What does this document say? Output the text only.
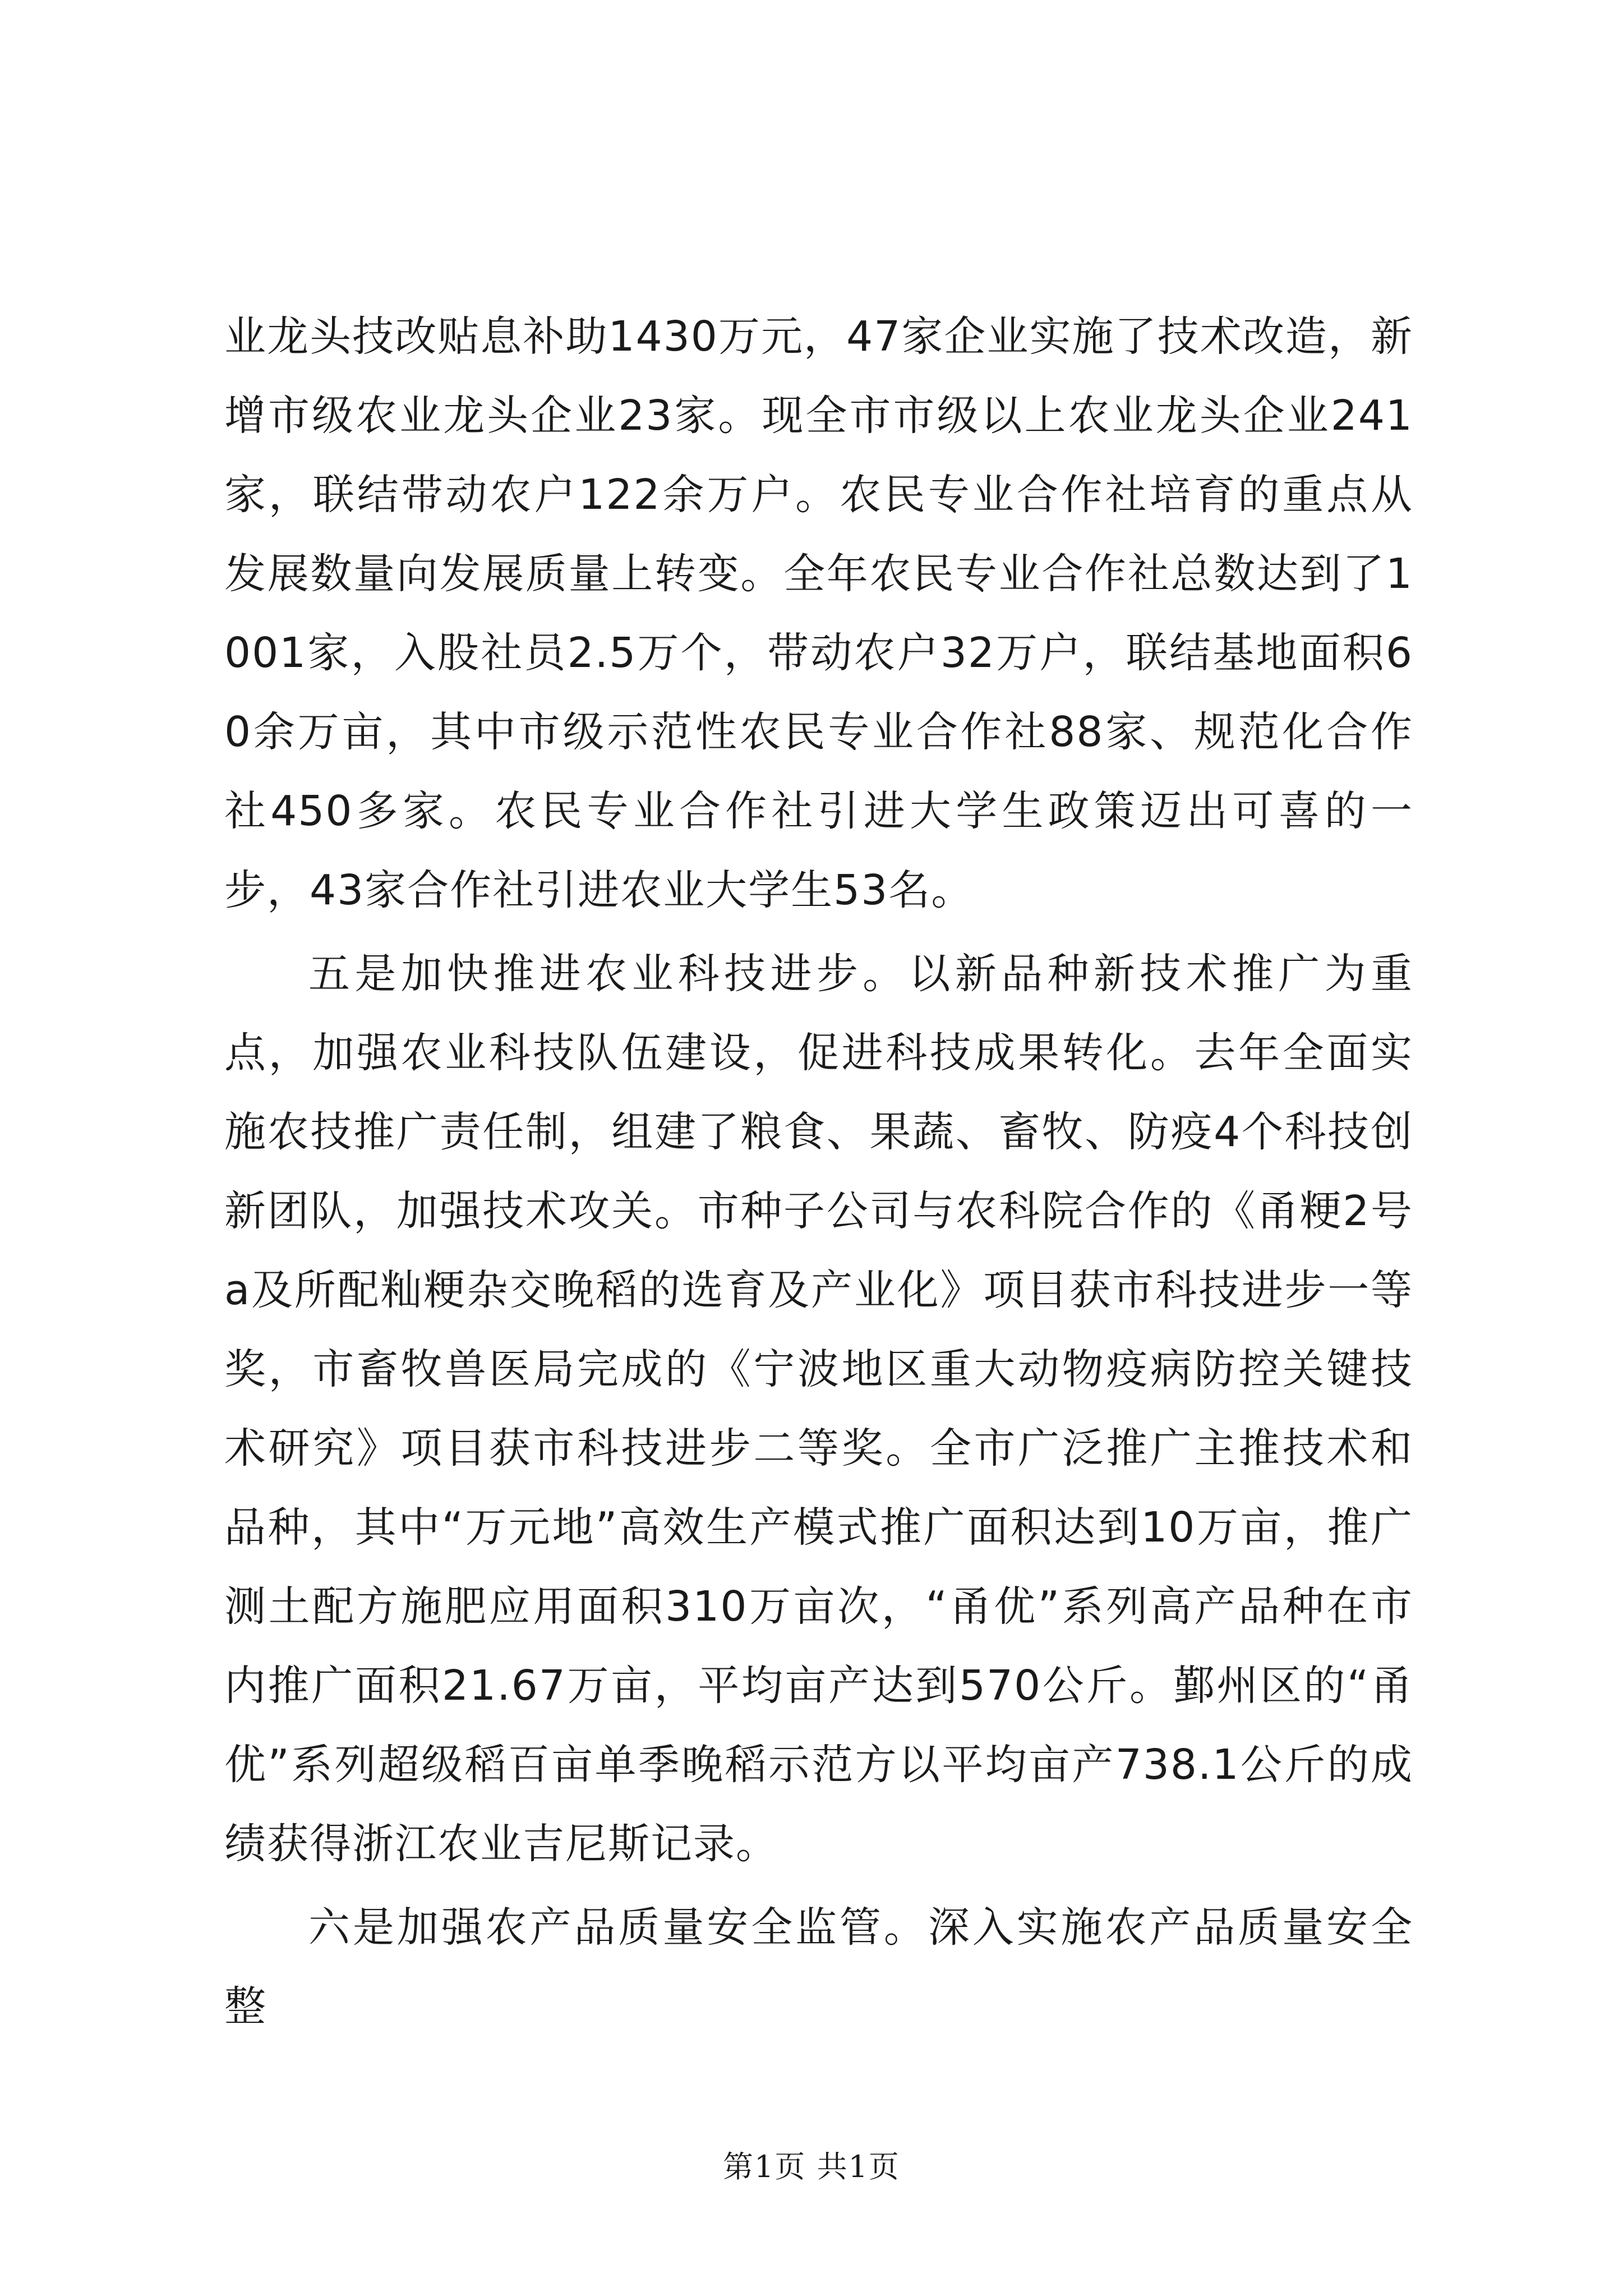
业龙头技改贴息补助1430万元，47家企业实施了技术改造，新增市级农业龙头企业23家。现全市市级以上农业龙头企业241家，联结带动农户122余万户。农民专业合作社培育的重点从发展数量向发展质量上转变。全年农民专业合作社总数达到了1001家，入股社员2.5万个，带动农户32万户，联结基地面积60余万亩，其中市级示范性农民专业合作社88家、规范化合作社450多家。农民专业合作社引进大学生政策迈出可喜的一步，43家合作社引进农业大学生53名。

五是加快推进农业科技进步。以新品种新技术推广为重点，加强农业科技队伍建设，促进科技成果转化。去年全面实施农技推广责任制，组建了粮食、果蔬、畜牧、防疫4个科技创新团队，加强技术攻关。市种子公司与农科院合作的《甬粳2号a及所配籼粳杂交晚稻的选育及产业化》项目获市科技进步一等奖，市畜牧兽医局完成的《宁波地区重大动物疫病防控关键技术研究》项目获市科技进步二等奖。全市广泛推广主推技术和品种，其中“万元地”高效生产模式推广面积达到10万亩，推广测土配方施肥应用面积310万亩次，“甬优”系列高产品种在市内推广面积21.67万亩，平均亩产达到570公斤。鄞州区的“甬优”系列超级稻百亩单季晚稻示范方以平均亩产738.1公斤的成绩获得浙江农业吉尼斯记录。

六是加强农产品质量安全监管。深入实施农产品质量安全整

第1页 共1页
